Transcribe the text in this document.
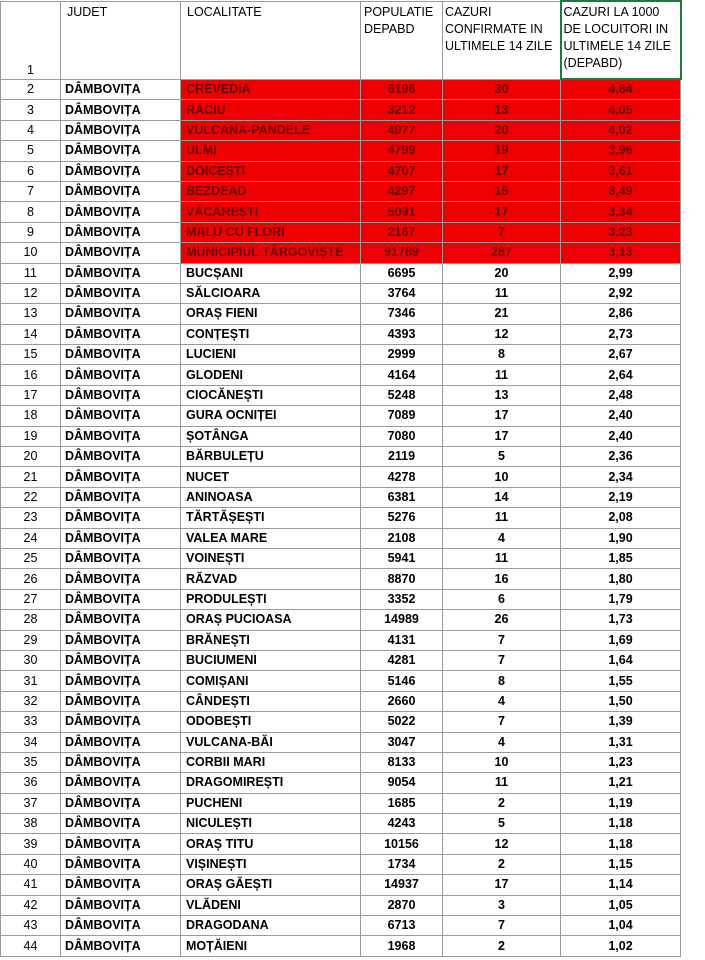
1	JUDET	LOCALITATE	POPULATIE DEPABD	CAZURI CONFIRMATE IN ULTIMELE 14 ZILE	CAZURI LA 1000 DE LOCUITORI IN ULTIMELE 14 ZILE (DEPABD)
2	DÂMBOVIȚA	CREVEDIA	6196	30	4,84
3	DÂMBOVIȚA	RACIU	3212	13	4,05
4	DÂMBOVIȚA	VULCANA-PANDELE	4977	20	4,02
5	DÂMBOVIȚA	ULMI	4799	19	3,96
6	DÂMBOVIȚA	DOICEȘTI	4707	17	3,61
7	DÂMBOVIȚA	BEZDEAD	4297	15	3,49
8	DÂMBOVIȚA	VĂCĂREȘTI	5091	17	3,34
9	DÂMBOVIȚA	MALU CU FLORI	2167	7	3,23
10	DÂMBOVIȚA	MUNICIPIUL TÂRGOVIȘTE	91789	287	3,13
11	DÂMBOVIȚA	BUCȘANI	6695	20	2,99
12	DÂMBOVIȚA	SĂLCIOARA	3764	11	2,92
13	DÂMBOVIȚA	ORAȘ FIENI	7346	21	2,86
14	DÂMBOVIȚA	CONȚEȘTI	4393	12	2,73
15	DÂMBOVIȚA	LUCIENI	2999	8	2,67
16	DÂMBOVIȚA	GLODENI	4164	11	2,64
17	DÂMBOVIȚA	CIOCĂNEȘTI	5248	13	2,48
18	DÂMBOVIȚA	GURA OCNIȚEI	7089	17	2,40
19	DÂMBOVIȚA	ȘOTÂNGA	7080	17	2,40
20	DÂMBOVIȚA	BĂRBULEȚU	2119	5	2,36
21	DÂMBOVIȚA	NUCET	4278	10	2,34
22	DÂMBOVIȚA	ANINOASA	6381	14	2,19
23	DÂMBOVIȚA	TĂRTĂȘEȘTI	5276	11	2,08
24	DÂMBOVIȚA	VALEA MARE	2108	4	1,90
25	DÂMBOVIȚA	VOINEȘTI	5941	11	1,85
26	DÂMBOVIȚA	RĂZVAD	8870	16	1,80
27	DÂMBOVIȚA	PRODULEȘTI	3352	6	1,79
28	DÂMBOVIȚA	ORAȘ PUCIOASA	14989	26	1,73
29	DÂMBOVIȚA	BRĂNEȘTI	4131	7	1,69
30	DÂMBOVIȚA	BUCIUMENI	4281	7	1,64
31	DÂMBOVIȚA	COMIȘANI	5146	8	1,55
32	DÂMBOVIȚA	CÂNDEȘTI	2660	4	1,50
33	DÂMBOVIȚA	ODOBEȘTI	5022	7	1,39
34	DÂMBOVIȚA	VULCANA-BĂI	3047	4	1,31
35	DÂMBOVIȚA	CORBII MARI	8133	10	1,23
36	DÂMBOVIȚA	DRAGOMIREȘTI	9054	11	1,21
37	DÂMBOVIȚA	PUCHENI	1685	2	1,19
38	DÂMBOVIȚA	NICULEȘTI	4243	5	1,18
39	DÂMBOVIȚA	ORAȘ TITU	10156	12	1,18
40	DÂMBOVIȚA	VIȘINEȘTI	1734	2	1,15
41	DÂMBOVIȚA	ORAȘ GĂEȘTI	14937	17	1,14
42	DÂMBOVIȚA	VLĂDENI	2870	3	1,05
43	DÂMBOVIȚA	DRAGODANA	6713	7	1,04
44	DÂMBOVIȚA	MOȚĂIENI	1968	2	1,02
